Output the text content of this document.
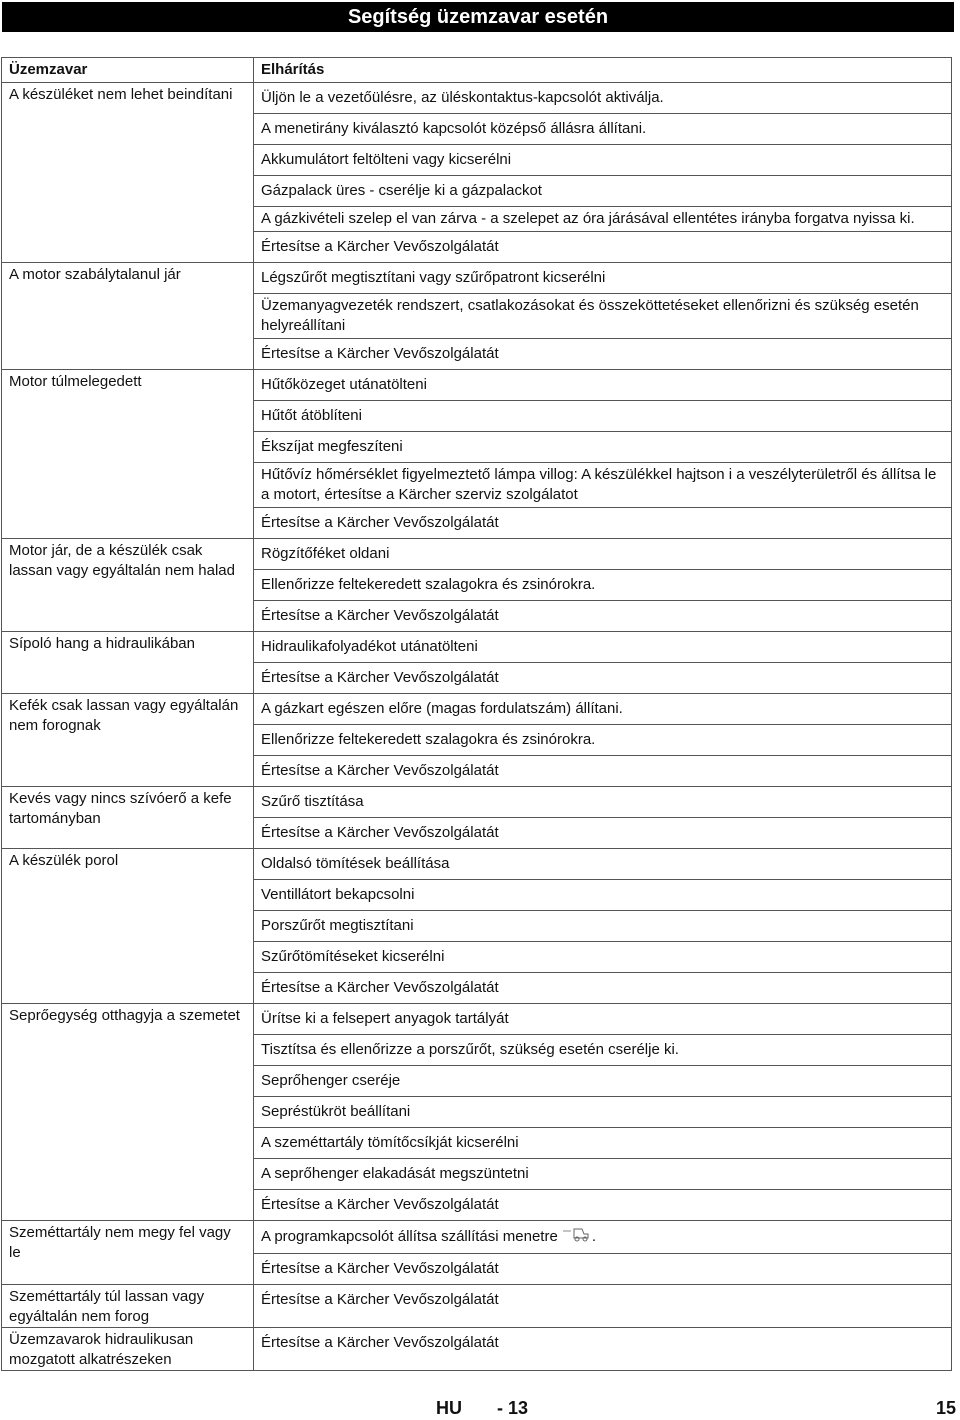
Segítség üzemzavar esetén
Üzemzavar	Elhárítás
A készüléket nem lehet beindítani	Üljön le a vezetőülésre, az üléskontaktus-kapcsolót aktiválja.
	A menetirány kiválasztó kapcsolót középső állásra állítani.
	Akkumulátort feltölteni vagy kicserélni
	Gázpalack üres - cserélje ki a gázpalackot
	A gázkivételi szelep el van zárva - a szelepet az óra járásával ellentétes irányba forgatva nyissa ki.
	Értesítse a Kärcher Vevőszolgálatát
A motor szabálytalanul jár	Légszűrőt megtisztítani vagy szűrőpatront kicserélni
	Üzemanyagvezeték rendszert, csatlakozásokat és összeköttetéseket ellenőrizni és szükség esetén helyreállítani
	Értesítse a Kärcher Vevőszolgálatát
Motor túlmelegedett	Hűtőközeget utánatölteni
	Hűtőt átöblíteni
	Ékszíjat megfeszíteni
	Hűtővíz hőmérséklet figyelmeztető lámpa villog: A készülékkel hajtson i a veszélyterületről és állítsa le a motort, értesítse a Kärcher szerviz szolgálatot
	Értesítse a Kärcher Vevőszolgálatát
Motor jár, de a készülék csak lassan vagy egyáltalán nem halad	Rögzítőféket oldani
	Ellenőrizze feltekeredett szalagokra és zsinórokra.
	Értesítse a Kärcher Vevőszolgálatát
Sípoló hang a hidraulikában	Hidraulikafolyadékot utánatölteni
	Értesítse a Kärcher Vevőszolgálatát
Kefék csak lassan vagy egyáltalán nem forognak	A gázkart egészen előre (magas fordulatszám) állítani.
	Ellenőrizze feltekeredett szalagokra és zsinórokra.
	Értesítse a Kärcher Vevőszolgálatát
Kevés vagy nincs szívóerő a kefe tartományban	Szűrő tisztítása
	Értesítse a Kärcher Vevőszolgálatát
A készülék porol	Oldalsó tömítések beállítása
	Ventillátort bekapcsolni
	Porszűrőt megtisztítani
	Szűrőtömítéseket kicserélni
	Értesítse a Kärcher Vevőszolgálatát
Seprőegység otthagyja a szemetet	Ürítse ki a felsepert anyagok tartályát
	Tisztítsa és ellenőrizze a porszűrőt, szükség esetén cserélje ki.
	Seprőhenger cseréje
	Sepréstükröt beállítani
	A szeméttartály tömítőcsíkját kicserélni
	A seprőhenger elakadását megszüntetni
	Értesítse a Kärcher Vevőszolgálatát
Szeméttartály nem megy fel vagy le	A programkapcsolót állítsa szállítási menetre .
	Értesítse a Kärcher Vevőszolgálatát
Szeméttartály túl lassan vagy egyáltalán nem forog	Értesítse a Kärcher Vevőszolgálatát
Üzemzavarok hidraulikusan mozgatott alkatrészeken	Értesítse a Kärcher Vevőszolgálatát
HU - 13	15
